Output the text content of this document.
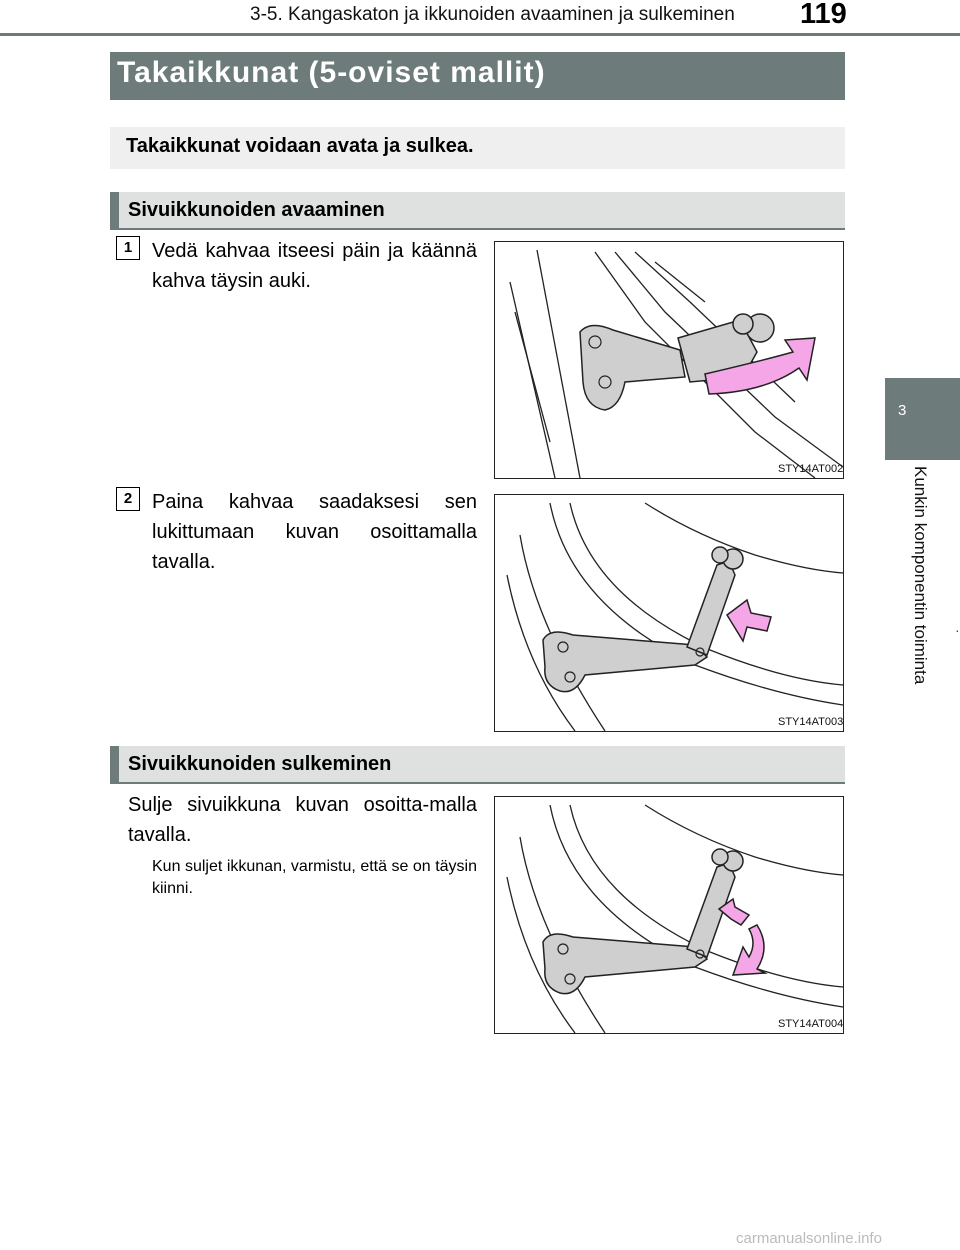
3-5. Kangaskaton ja ikkunoiden avaaminen ja sulkeminen 119
3
Kunkin komponentin toiminta ·
Takaikkunat (5-oviset mallit)
Takaikkunat voidaan avata ja sulkea.
Sivuikkunoiden avaaminen
1 Vedä kahvaa itseesi päin ja käännä kahva täysin auki.
STY14AT002
2 Paina kahvaa saadaksesi sen lukittumaan kuvan osoittamalla tavalla.
STY14AT003
Sivuikkunoiden sulkeminen
Sulje sivuikkuna kuvan osoitta-malla tavalla.
Kun suljet ikkunan, varmistu, että se on täysin kiinni.
STY14AT004
carmanualsonline.info
